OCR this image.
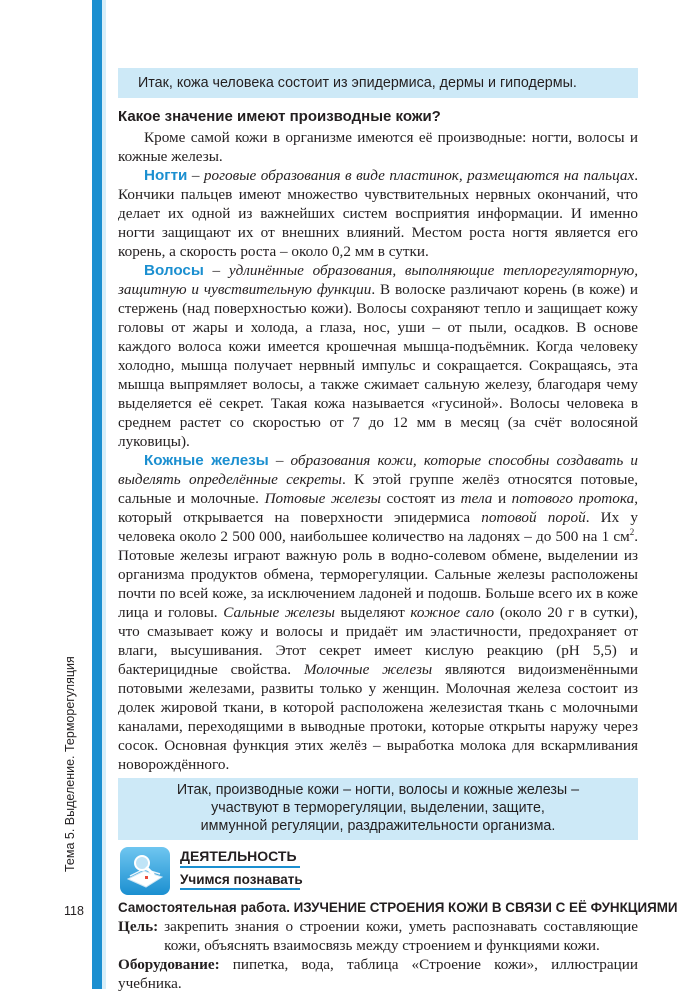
Тема 5. Выделение. Терморегуляция
118
Итак, кожа человека состоит из эпидермиса, дермы и гиподермы.
Какое значение имеют производные кожи?

Кроме самой кожи в организме имеются её производные: ногти, волосы и кожные железы.

Ногти – роговые образования в виде пластинок, размещаются на пальцах. Кончики пальцев имеют множество чувствительных нервных окончаний, что делает их одной из важнейших систем восприятия информации. И именно ногти защищают их от внешних влияний. Местом роста ногтя является его корень, а скорость роста – около 0,2 мм в сутки.

Волосы – удлинённые образования, выполняющие теплорегуляторную, защитную и чувствительную функции. В волоске различают корень (в коже) и стержень (над поверхностью кожи). Волосы сохраняют тепло и защищает кожу головы от жары и холода, а глаза, нос, уши – от пыли, осадков. В основе каждого волоса кожи имеется крошечная мышца-подъёмник. Когда человеку холодно, мышца получает нервный импульс и сокращается. Сокращаясь, эта мышца выпрямляет волосы, а также сжимает сальную железу, благодаря чему выделяется её секрет. Такая кожа называется «гусиной». Волосы человека в среднем растет со скоростью от 7 до 12 мм в месяц (за счёт волосяной луковицы).

Кожные железы – образования кожи, которые способны создавать и выделять определённые секреты. К этой группе желёз относятся потовые, сальные и молочные. Потовые железы состоят из тела и потового протока, который открывается на поверхности эпидермиса потовой порой. Их у человека около 2 500 000, наибольшее количество на ладонях – до 500 на 1 $см^2$. Потовые железы играют важную роль в водно-солевом обмене, выделении из организма продуктов обмена, терморегуляции. Сальные железы расположены почти по всей коже, за исключением ладоней и подошв. Больше всего их в коже лица и головы. Сальные железы выделяют кожное сало (около 20 г в сутки), что смазывает кожу и волосы и придаёт им эластичности, предохраняет от влаги, высушивания. Этот секрет имеет кислую реакцию (pH 5,5) и бактерицидные свойства. Молочные железы являются видоизменёнными потовыми железами, развиты только у женщин. Молочная железа состоит из долек жировой ткани, в которой расположена железистая ткань с молочными каналами, переходящими в выводные протоки, которые открыты наружу через сосок. Основная функция этих желёз – выработка молока для вскармливания новорождённого.

Итак, производные кожи – ногти, волосы и кожные железы –
участвуют в терморегуляции, выделении, защите,
иммунной регуляции, раздражительности организма.
ДЕЯТЕЛЬНОСТЬ
Учимся познавать
Самостоятельная работа. ИЗУЧЕНИЕ СТРОЕНИЯ КОЖИ В СВЯЗИ С ЕЁ ФУНКЦИЯМИ
Цель: закрепить знания о строении кожи, уметь распознавать составляющие кожи, объяснять взаимосвязь между строением и функциями кожи.
Оборудование: пипетка, вода, таблица «Строение кожи», иллюстрации учебника.
